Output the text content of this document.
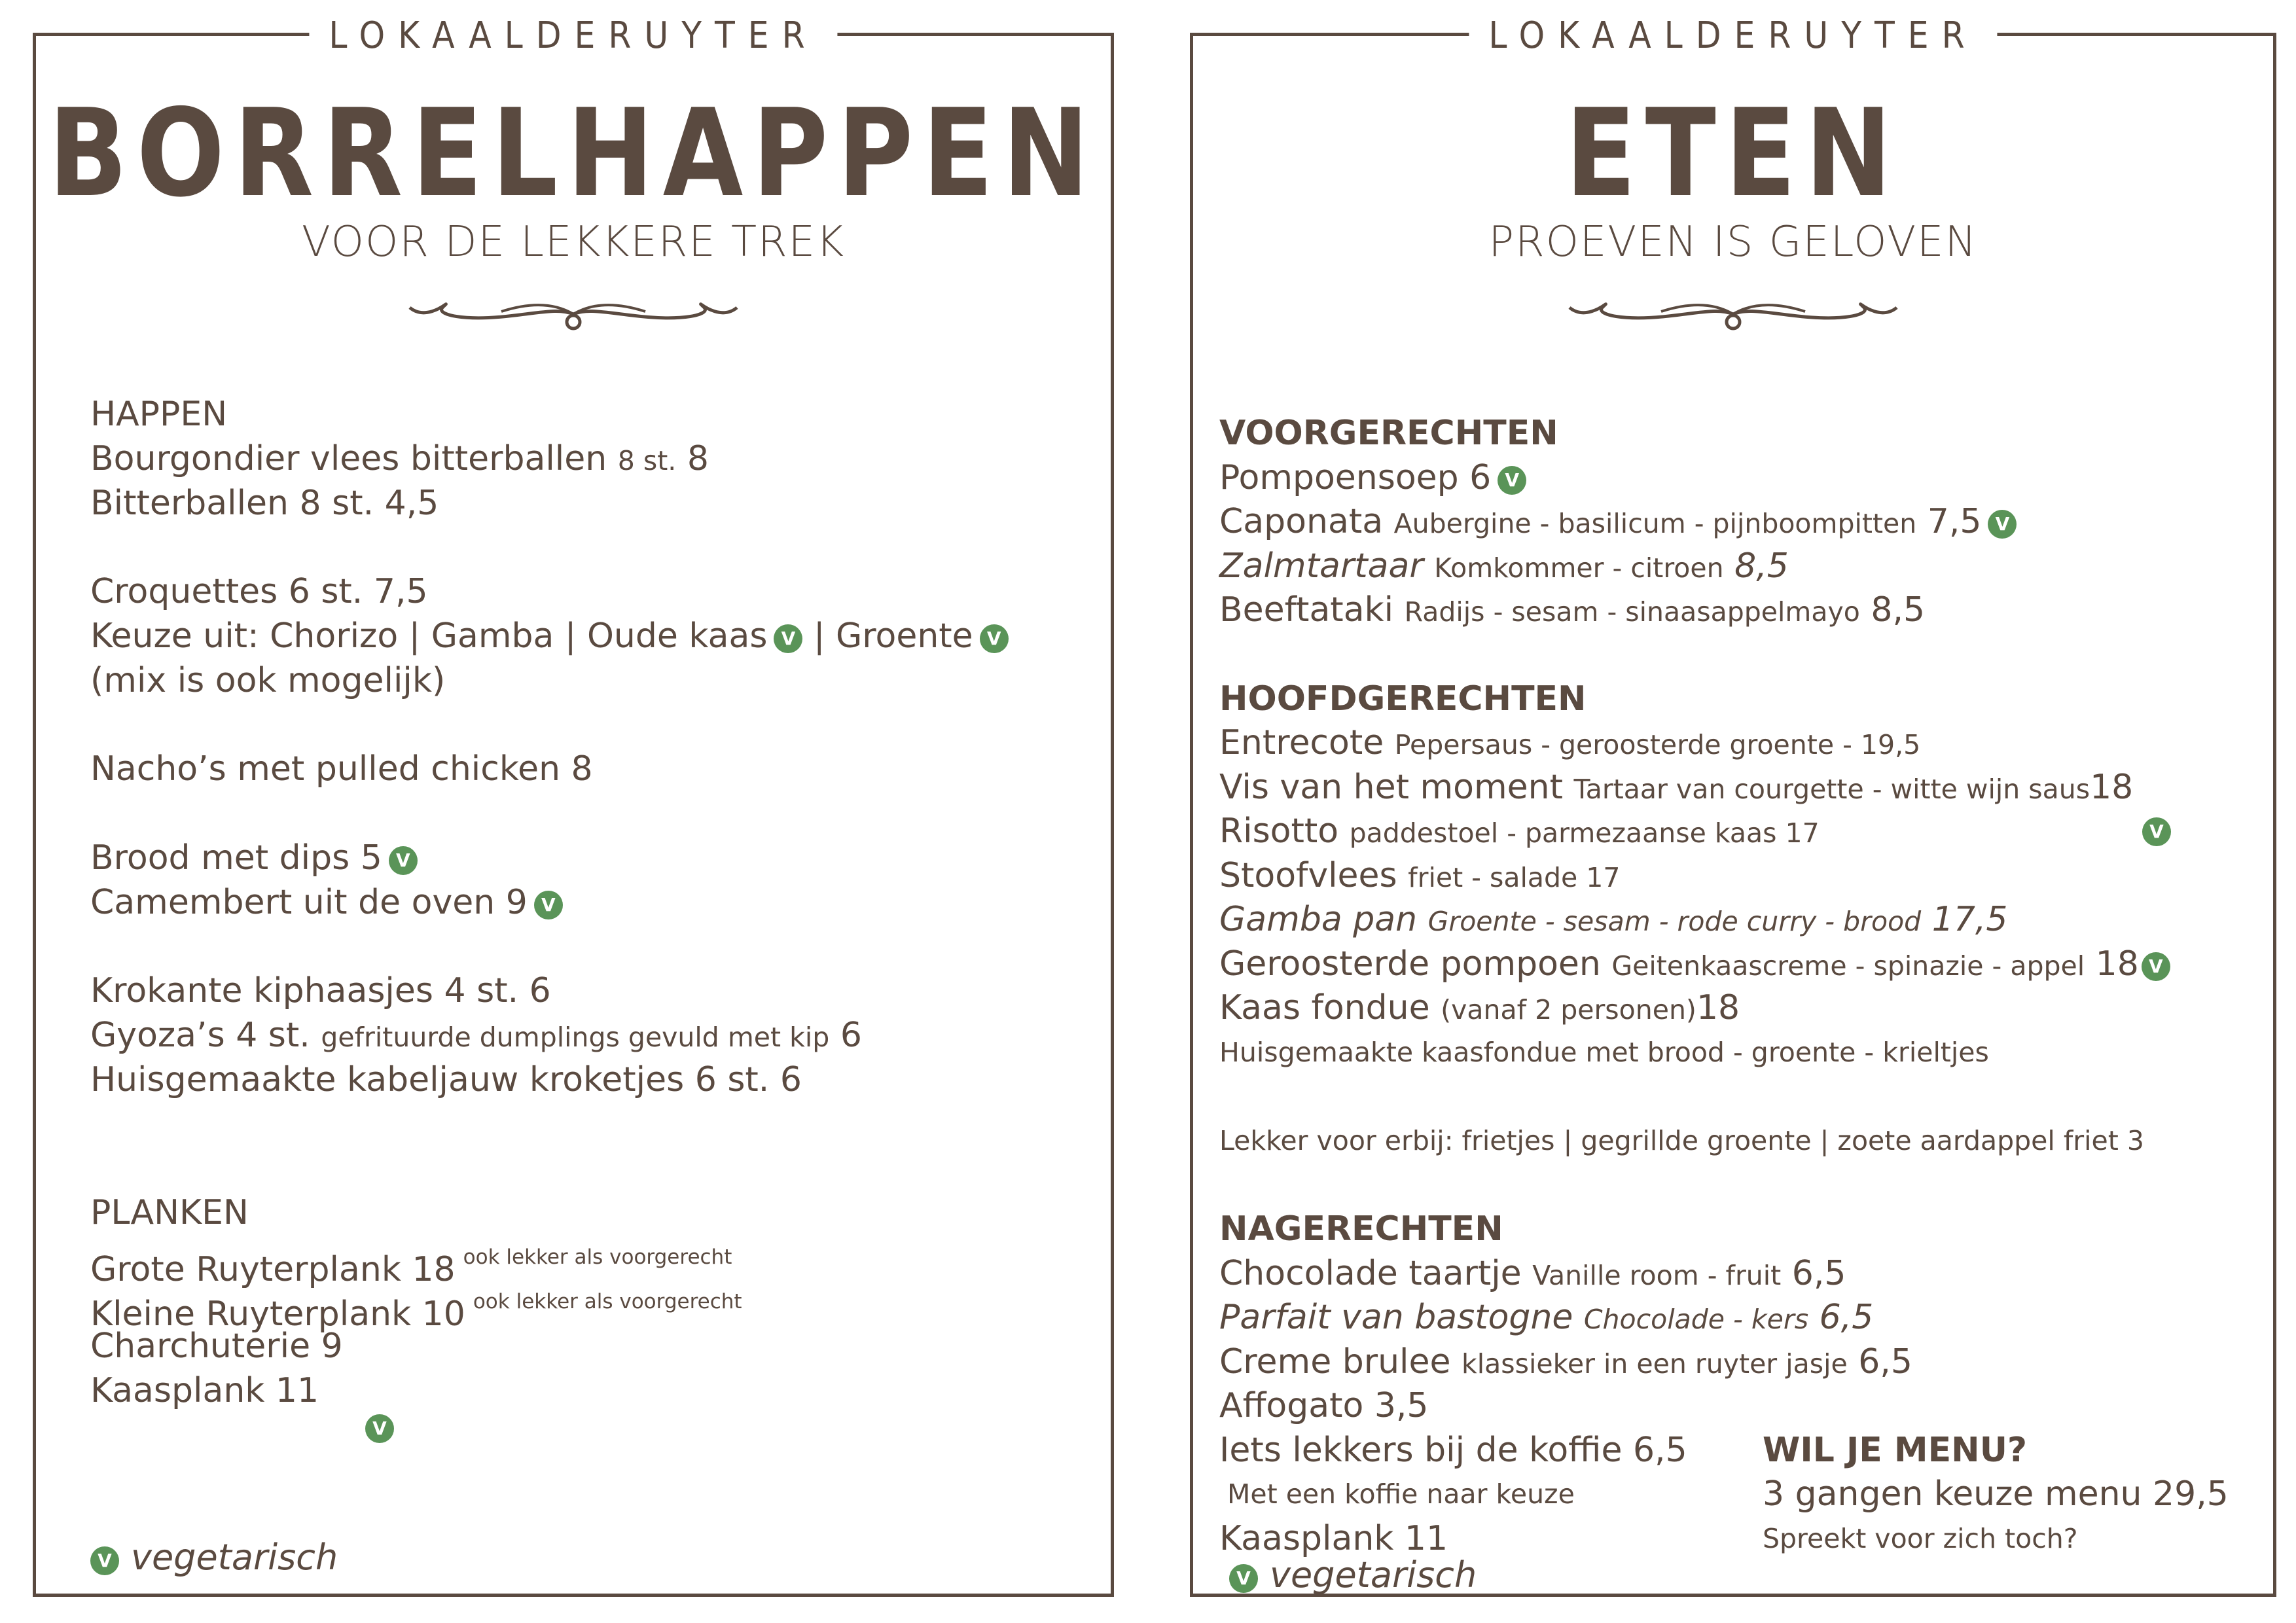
LOKAALDERUYTER
BORRELHAPPEN
VOOR DE LEKKERE TREK
HAPPEN
Bourgondier vlees bitterballen 8 st. 8
Bitterballen 8 st. 4,5
Croquettes 6 st. 7,5
Keuze uit: Chorizo | Gamba | Oude kaas V | Groente V
(mix is ook mogelijk)
Nacho’s met pulled chicken 8
Brood met dips 5 V
Camembert uit de oven 9 V
Krokante kiphaasjes 4 st. 6
Gyoza’s 4 st. gefrituurde dumplings gevuld met kip 6
Huisgemaakte kabeljauw kroketjes 6 st. 6
PLANKEN
Grote Ruyterplank 18 $^{ook lekker als voorgerecht}$
Kleine Ruyterplank 10 $^{ook lekker als voorgerecht}$
Charchuterie 9
Kaasplank 11
V
V vegetarisch
LOKAALDERUYTER
ETEN
PROEVEN IS GELOVEN
VOORGERECHTEN
Pompoensoep 6 V
Caponata Aubergine - basilicum - pijnboompitten 7,5 V
Zalmtartaar Komkommer - citroen 8,5
Beeftataki Radijs - sesam - sinaasappelmayo 8,5
HOOFDGERECHTEN
Entrecote Pepersaus - geroosterde groente - 19,5
Vis van het moment Tartaar van courgette - witte wijn saus18
Risotto paddestoel - parmezaanse kaas 17	V
Stoofvlees friet - salade 17
Gamba pan Groente - sesam - rode curry - brood 17,5
Geroosterde pompoen Geitenkaascreme - spinazie - appel 18 V
Kaas fondue (vanaf 2 personen)18
Huisgemaakte kaasfondue met brood - groente - krieltjes
Lekker voor erbij: frietjes | gegrillde groente | zoete aardappel friet 3
NAGERECHTEN
Chocolade taartje Vanille room - fruit 6,5
Parfait van bastogne Chocolade - kers 6,5
Creme brulee klassieker in een ruyter jasje 6,5
Affogato 3,5
Iets lekkers bij de koffie 6,5
Met een koffie naar keuze
Kaasplank 11
WIL JE MENU?
3 gangen keuze menu 29,5
Spreekt voor zich toch?
V vegetarisch
